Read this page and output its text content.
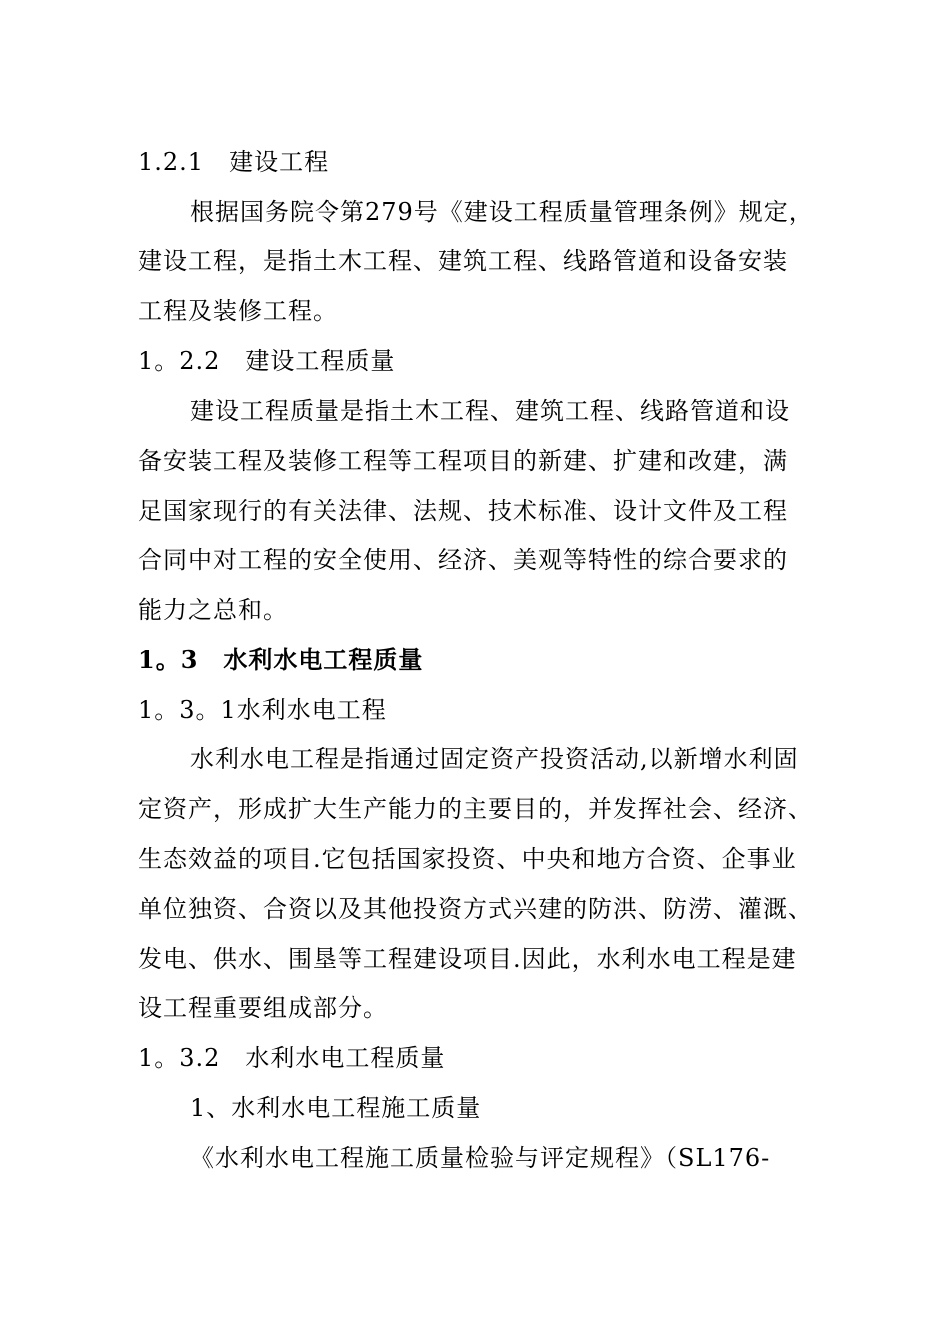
1.2.1　建设工程
根据国务院令第279号《建设工程质量管理条例》规定，
建设工程，是指土木工程、建筑工程、线路管道和设备安装
工程及装修工程。
1。2.2　建设工程质量
建设工程质量是指土木工程、建筑工程、线路管道和设
备安装工程及装修工程等工程项目的新建、扩建和改建，满
足国家现行的有关法律、法规、技术标准、设计文件及工程
合同中对工程的安全使用、经济、美观等特性的综合要求的
能力之总和。
1。3　水利水电工程质量
1。3。1水利水电工程
水利水电工程是指通过固定资产投资活动,以新增水利固
定资产，形成扩大生产能力的主要目的，并发挥社会、经济、
生态效益的项目.它包括国家投资、中央和地方合资、企事业
单位独资、合资以及其他投资方式兴建的防洪、防涝、灌溉、
发电、供水、围垦等工程建设项目.因此，水利水电工程是建
设工程重要组成部分。
1。3.2　水利水电工程质量
1、水利水电工程施工质量
《水利水电工程施工质量检验与评定规程》（SL176-
